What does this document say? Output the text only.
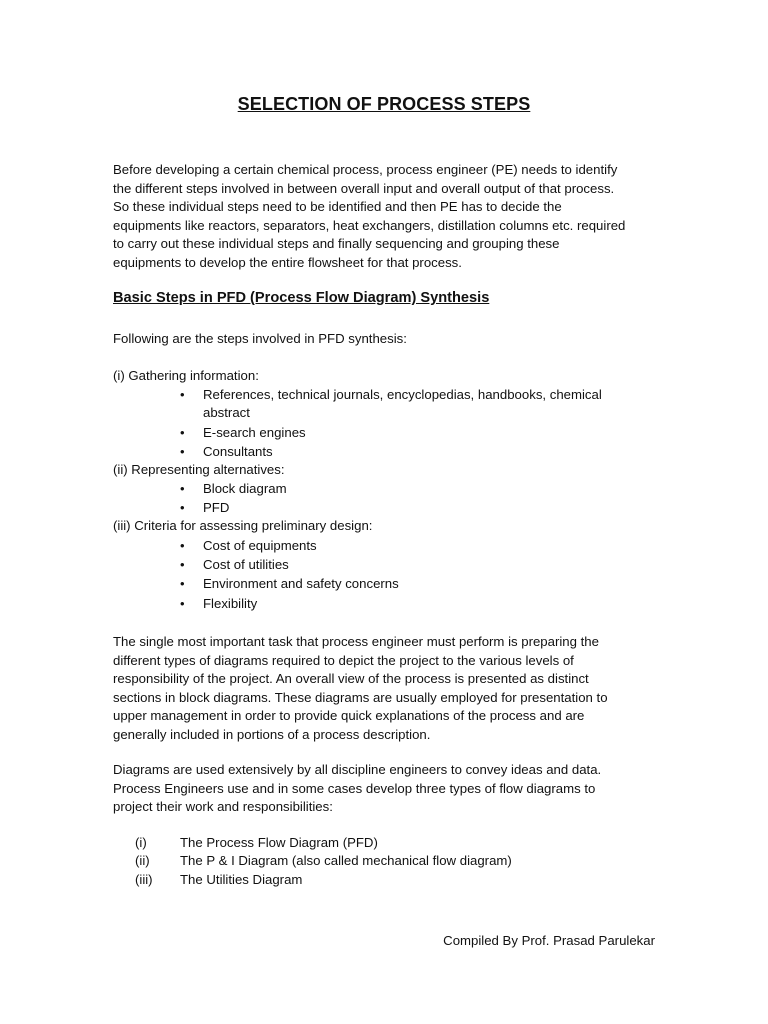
SELECTION OF PROCESS STEPS
Before developing a certain chemical process, process engineer (PE) needs to identify
the different steps involved in between overall input and overall output of that process.
So these individual steps need to be identified and then PE has to decide the
equipments like reactors, separators, heat exchangers, distillation columns etc. required
to carry out these individual steps and finally sequencing and grouping these
equipments to develop the entire flowsheet for that process.
Basic Steps in PFD (Process Flow Diagram) Synthesis
Following are the steps involved in PFD synthesis:
(i) Gathering information:
• References, technical journals, encyclopedias, handbooks, chemical
abstract
• E-search engines
• Consultants
(ii) Representing alternatives:
• Block diagram
• PFD
(iii) Criteria for assessing preliminary design:
• Cost of equipments
• Cost of utilities
• Environment and safety concerns
• Flexibility
The single most important task that process engineer must perform is preparing the
different types of diagrams required to depict the project to the various levels of
responsibility of the project. An overall view of the process is presented as distinct
sections in block diagrams. These diagrams are usually employed for presentation to
upper management in order to provide quick explanations of the process and are
generally included in portions of a process description.
Diagrams are used extensively by all discipline engineers to convey ideas and data.
Process Engineers use and in some cases develop three types of flow diagrams to
project their work and responsibilities:
(i)	The Process Flow Diagram (PFD)
(ii) The P & I Diagram (also called mechanical flow diagram)
(iii) The Utilities Diagram
Compiled By Prof. Prasad Parulekar
